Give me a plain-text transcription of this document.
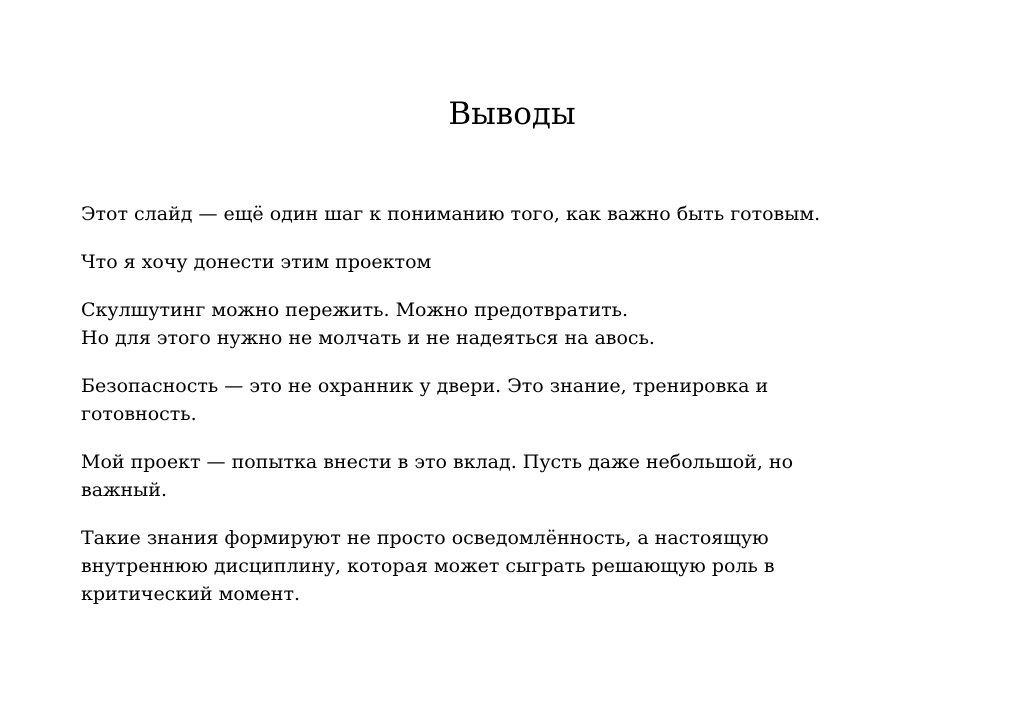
Выводы

Этот слайд — ещё один шаг к пониманию того, как важно быть готовым.

Что я хочу донести этим проектом

Скулшутинг можно пережить. Можно предотвратить.
Но для этого нужно не молчать и не надеяться на авось.

Безопасность — это не охранник у двери. Это знание, тренировка и
готовность.

Мой проект — попытка внести в это вклад. Пусть даже небольшой, но
важный.

Такие знания формируют не просто осведомлённость, а настоящую
внутреннюю дисциплину, которая может сыграть решающую роль в
критический момент.
